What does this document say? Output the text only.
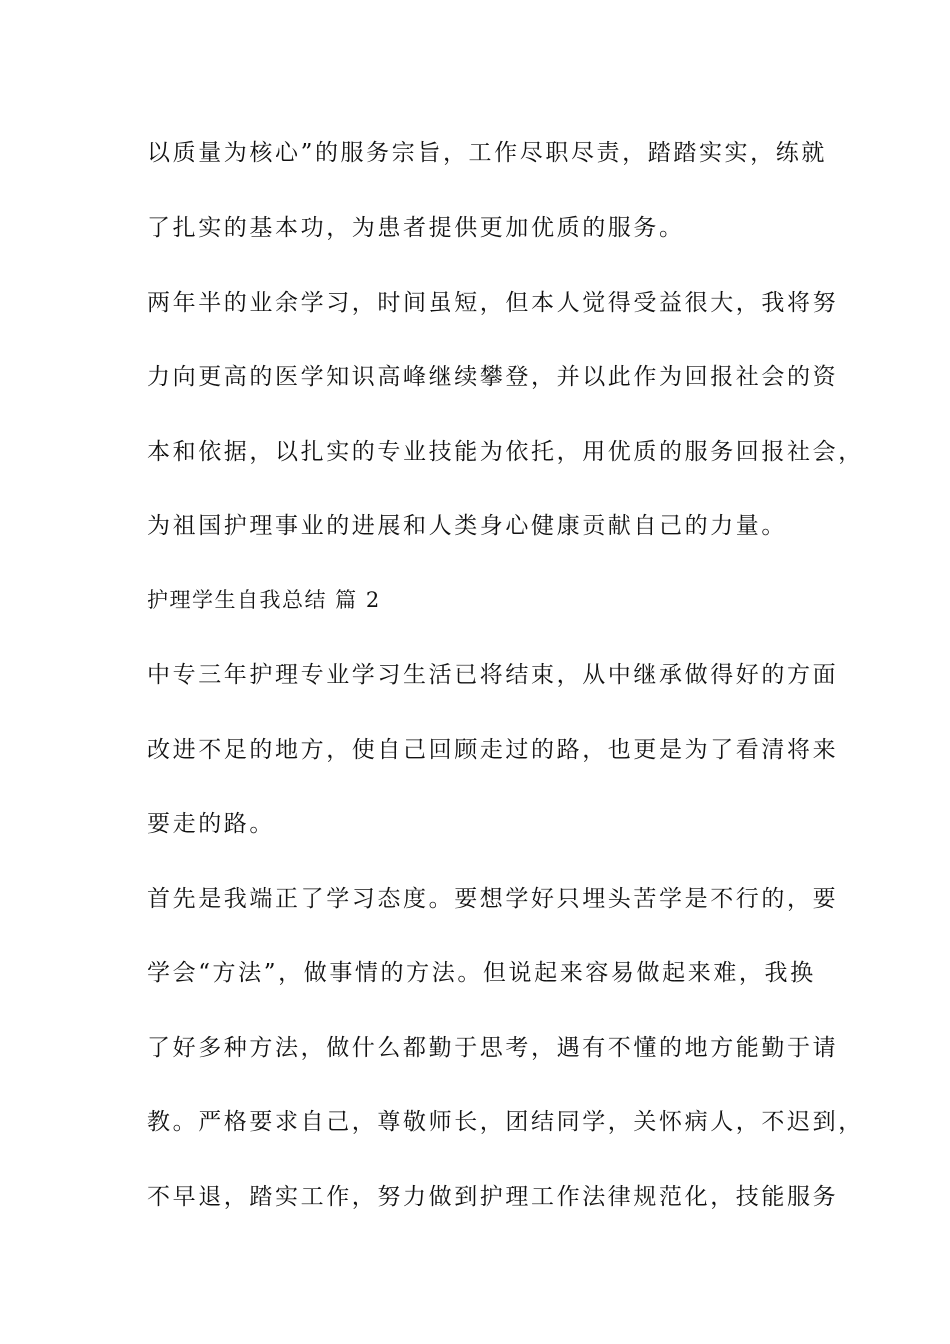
以质量为核心”的服务宗旨，工作尽职尽责，踏踏实实，练就
了扎实的基本功，为患者提供更加优质的服务。
两年半的业余学习，时间虽短，但本人觉得受益很大，我将努
力向更高的医学知识高峰继续攀登，并以此作为回报社会的资
本和依据，以扎实的专业技能为依托，用优质的服务回报社会，
为祖国护理事业的进展和人类身心健康贡献自己的力量。
护理学生自我总结 篇 2
中专三年护理专业学习生活已将结束，从中继承做得好的方面
改进不足的地方，使自己回顾走过的路，也更是为了看清将来
要走的路。
首先是我端正了学习态度。要想学好只埋头苦学是不行的，要
学会“方法”，做事情的方法。但说起来容易做起来难，我换
了好多种方法，做什么都勤于思考，遇有不懂的地方能勤于请
教。严格要求自己，尊敬师长，团结同学，关怀病人，不迟到，
不早退，踏实工作，努力做到护理工作法律规范化，技能服务
